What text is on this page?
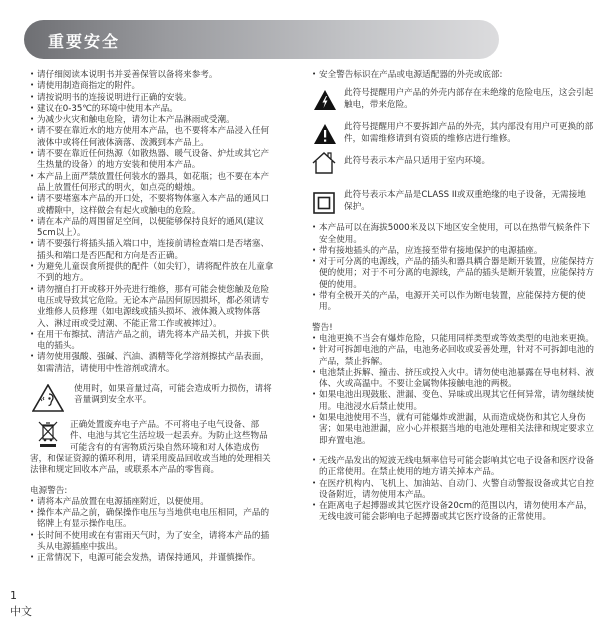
重要安全
• 请仔细阅读本说明书并妥善保管以备将来参考。
• 请使用制造商指定的附件。
• 请按说明书的连接说明进行正确的安装。
• 建议在0-35℃的环境中使用本产品。
• 为减少火灾和触电危险，请勿让本产品淋雨或受潮。
• 请不要在靠近水的地方使用本产品，也不要将本产品浸入任何液体中或将任何液体滴落、泼溅到本产品上。
• 请不要在靠近任何热源（如散热器、暖气设备、炉灶或其它产生热量的设备）的地方安装和使用本产品。
• 本产品上面严禁放置任何装水的器具，如花瓶；也不要在本产品上放置任何形式的明火，如点亮的蜡烛。
• 请不要堵塞本产品的开口处，不要将物体塞入本产品的通风口或槽隙中，这样做会有起火或触电的危险。
• 请在本产品的周围留足空间，以便能够保持良好的通风(建议5cm以上）。
• 请不要强行将插头插入端口中，连接前请检查端口是否堵塞、插头和端口是否匹配和方向是否正确。
• 为避免儿童误食所提供的配件（如尖钉），请将配件放在儿童拿不到的地方。
• 请勿擅自打开或移开外壳进行维修，那有可能会使您触及危险电压或导致其它危险。无论本产品因何原因损坏，都必须请专业维修人员修理（如电源线或插头损坏、液体溅入或物体落入、淋过雨或受过潮、不能正常工作或被摔过）。
• 在用干布擦拭、清洁产品之前，请先将本产品关机，并拔下供电的插头。
• 请勿使用强酸、强碱、汽油、酒精等化学溶剂擦拭产品表面，如需清洁，请使用中性溶剂或清水。
使用时，如果音量过高，可能会造成听力损伤，请将音量调到安全水平。
正确处置废弃电子产品。不可将电子电气设备、部件、电池与其它生活垃圾一起丢弃。为防止这些物品可能含有的有害物质污染自然环境和对人体造成伤害，和保证资源的循环利用，请采用废品回收或当地的处理相关法律和规定回收本产品，或联系本产品的零售商。
电源警告:
• 请将本产品放置在电源插座附近，以便使用。
• 操作本产品之前，确保操作电压与当地供电电压相同，产品的铭牌上有显示操作电压。
• 长时间不使用或在有雷雨天气时，为了安全，请将本产品的插头从电源插座中拔出。
• 正常情况下，电源可能会发热，请保持通风，并谨慎操作。
• 安全警告标识在产品或电源适配器的外壳或底部:
此符号提醒用户产品的外壳内部存在未绝缘的危险电压，这会引起触电，带来危险。
此符号提醒用户不要拆卸产品的外壳，其内部没有用户可更换的部件，如需维修请到有资质的维修店进行维修。
此符号表示本产品只适用于室内环境。
此符号表示本产品是CLASS II或双重绝缘的电子设备，无需接地保护。
• 本产品可以在海拔5000米及以下地区安全使用，可以在热带气候条件下安全使用。
• 带有接地插头的产品，应连接至带有接地保护的电源插座。
• 对于可分离的电源线，产品的插头和器具耦合器是断开装置，应能保持方便的使用；对于不可分离的电源线，产品的插头是断开装置，应能保持方便的使用。
• 带有全极开关的产品，电源开关可以作为断电装置，应能保持方便的使用。
警告!
• 电池更换不当会有爆炸危险，只能用同样类型或等效类型的电池来更换。
• 针对可拆卸电池的产品，电池务必回收或妥善处理，针对不可拆卸电池的产品，禁止拆解。
• 电池禁止拆解、撞击、挤压或投入火中。请勿使电池暴露在导电材料、液体、火或高温中。不要让金属物体接触电池的两极。
• 如果电池出现鼓胀、泄漏、变色、异味或出现其它任何异常，请勿继续使用。电池浸水后禁止使用。
• 如果电池使用不当，就有可能爆炸或泄漏，从而造成烧伤和其它人身伤害；如果电池泄漏，应小心并根据当地的电池处理相关法律和规定要求立即弃置电池。
• 无线产品发出的短波无线电频率信号可能会影响其它电子设备和医疗设备的正常使用。在禁止使用的地方请关掉本产品。
• 在医疗机构内、飞机上、加油站、自动门、火警自动警报设备或其它自控设备附近，请勿使用本产品。
• 在距离电子起搏器或其它医疗设备20cm的范围以内，请勿使用本产品，无线电波可能会影响电子起搏器或其它医疗设备的正常使用。
1
中文
